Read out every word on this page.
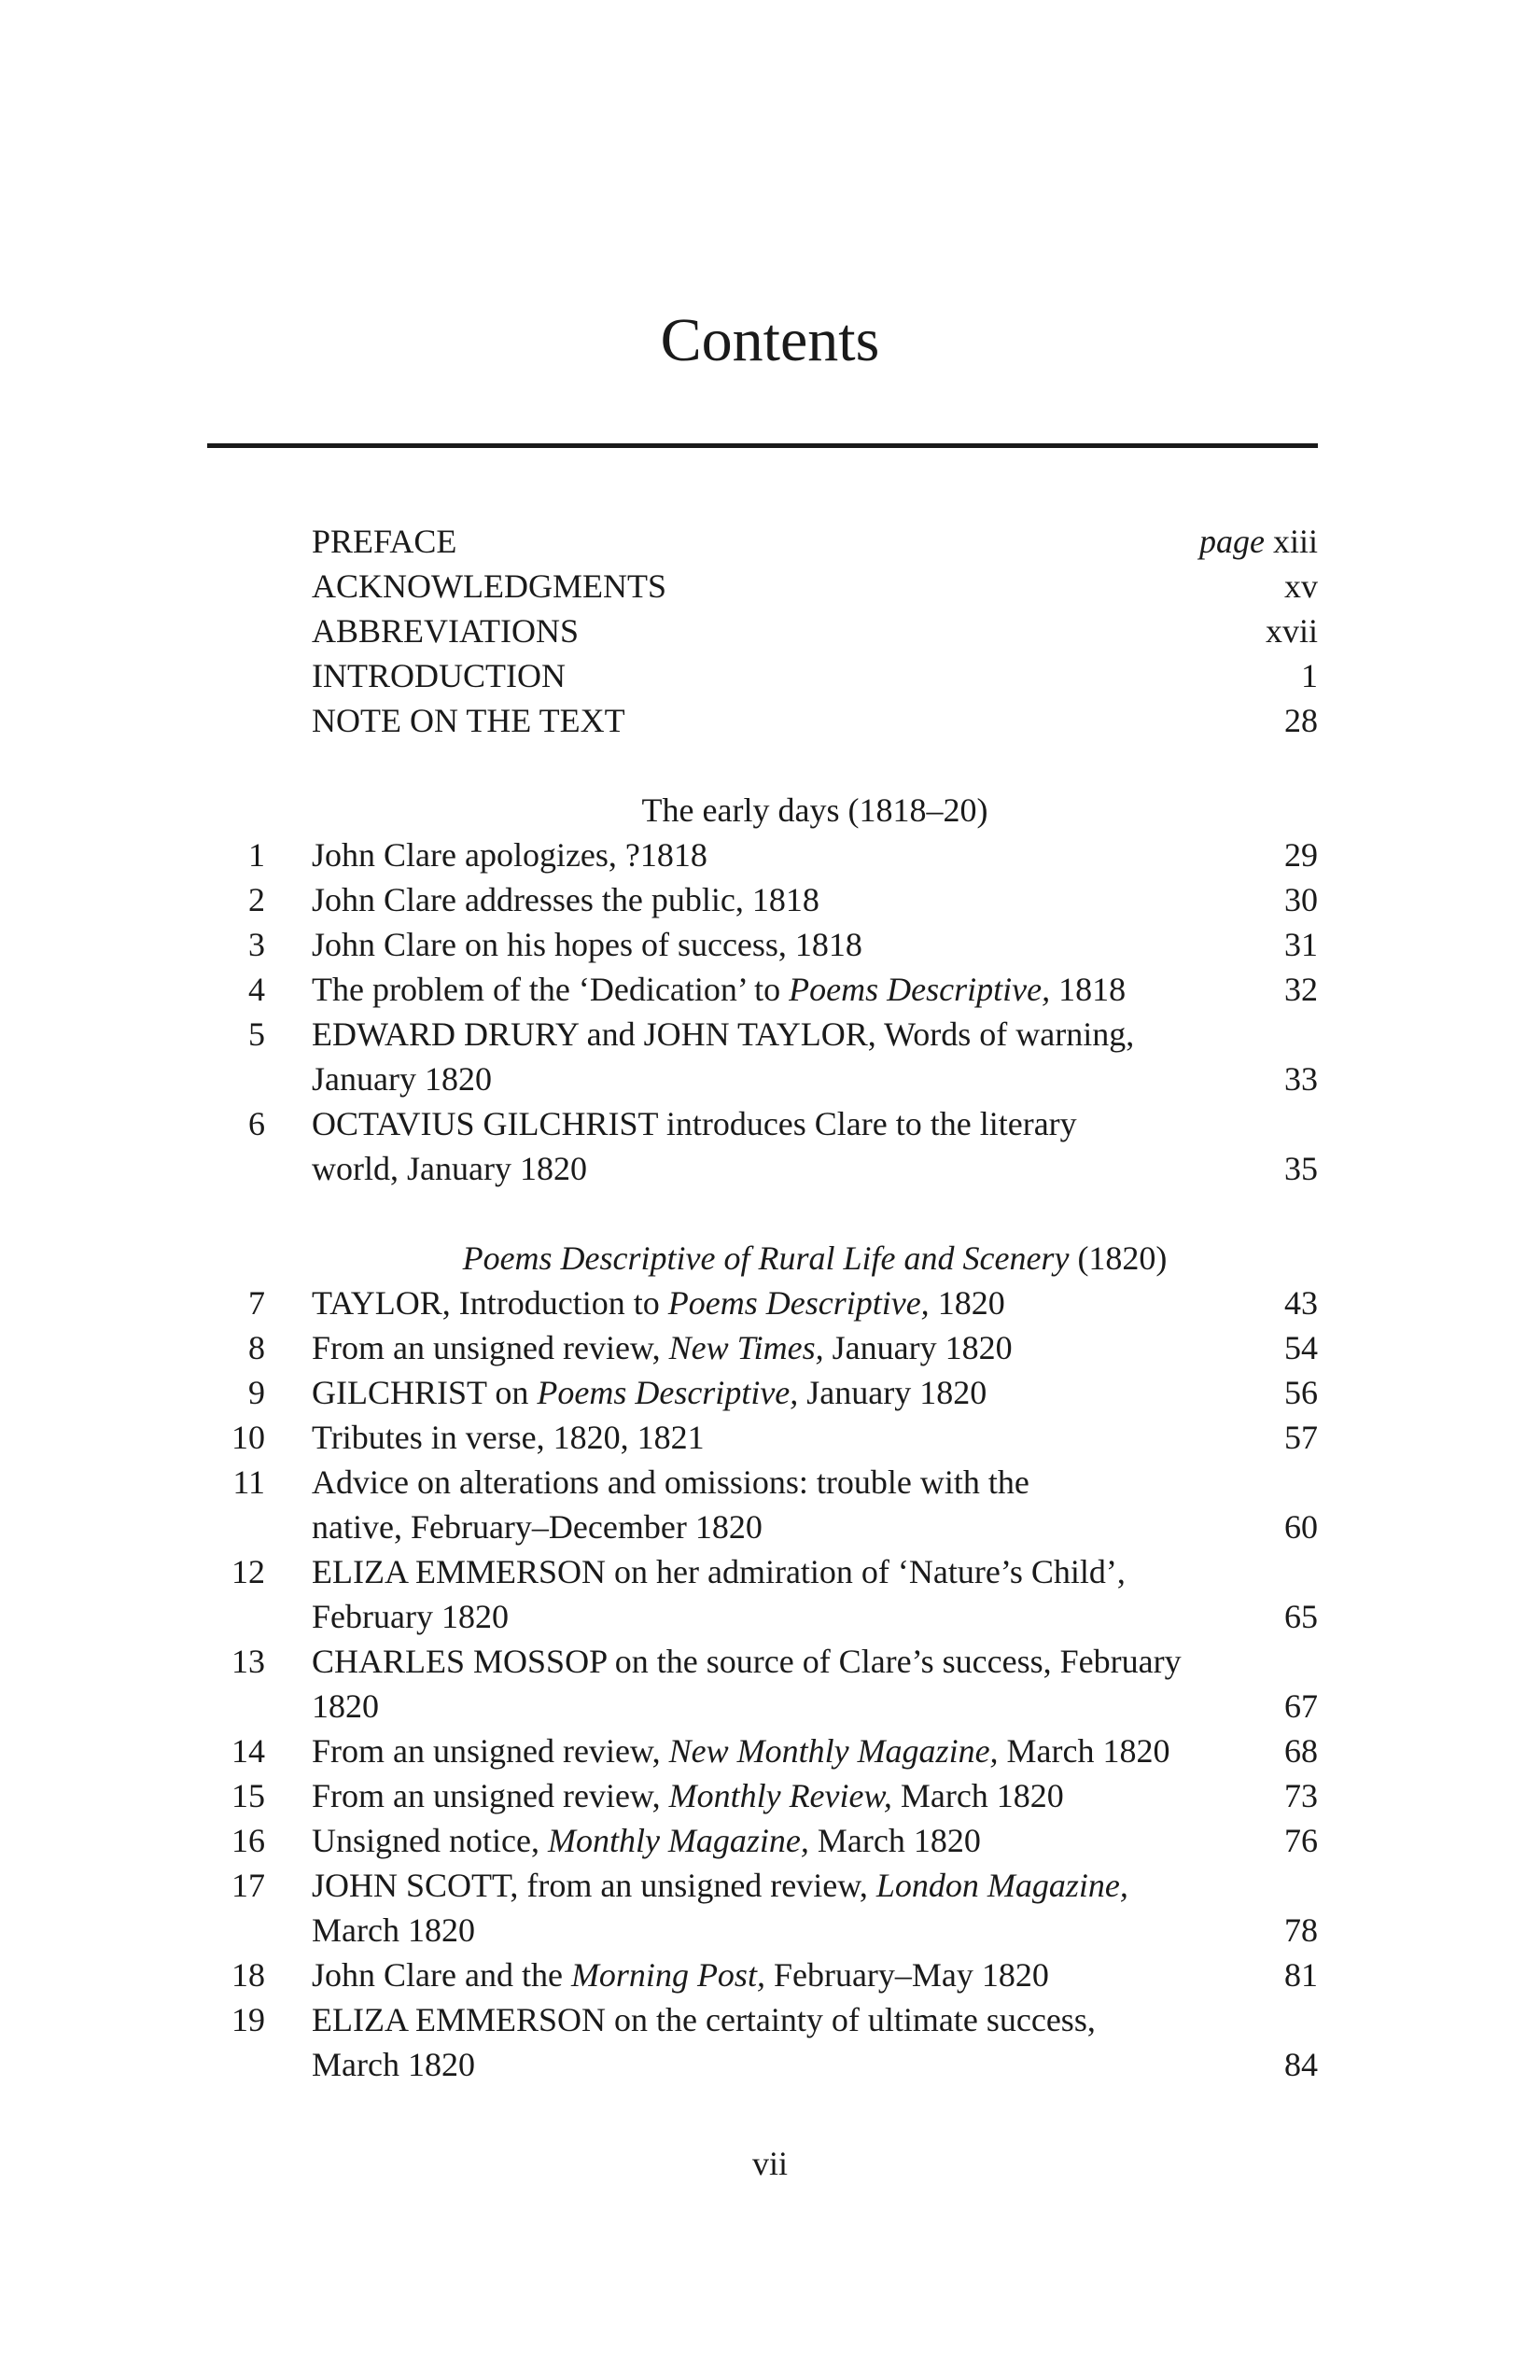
Contents
PREFACE	page xiii
ACKNOWLEDGMENTS	xv
ABBREVIATIONS	xvii
INTRODUCTION	1
NOTE ON THE TEXT	28
The early days (1818–20)
1 John Clare apologizes, ?1818	29
2 John Clare addresses the public, 1818	30
3 John Clare on his hopes of success, 1818	31
4 The problem of the ‘Dedication’ to Poems Descriptive, 1818	32
5 EDWARD DRURY and JOHN TAYLOR, Words of warning,
January 1820	33
6 OCTAVIUS GILCHRIST introduces Clare to the literary
world, January 1820	35
Poems Descriptive of Rural Life and Scenery (1820)
7 TAYLOR, Introduction to Poems Descriptive, 1820	43
8 From an unsigned review, New Times, January 1820	54
9 GILCHRIST on Poems Descriptive, January 1820	56
10 Tributes in verse, 1820, 1821	57
11 Advice on alterations and omissions: trouble with the
native, February–December 1820	60
12 ELIZA EMMERSON on her admiration of ‘Nature’s Child’,
February 1820	65
13 CHARLES MOSSOP on the source of Clare’s success, February
1820	67
14 From an unsigned review, New Monthly Magazine, March 1820	68
15 From an unsigned review, Monthly Review, March 1820	73
16 Unsigned notice, Monthly Magazine, March 1820	76
17 JOHN SCOTT, from an unsigned review, London Magazine,
March 1820	78
18 John Clare and the Morning Post, February–May 1820	81
19 ELIZA EMMERSON on the certainty of ultimate success,
March 1820	84
vii
